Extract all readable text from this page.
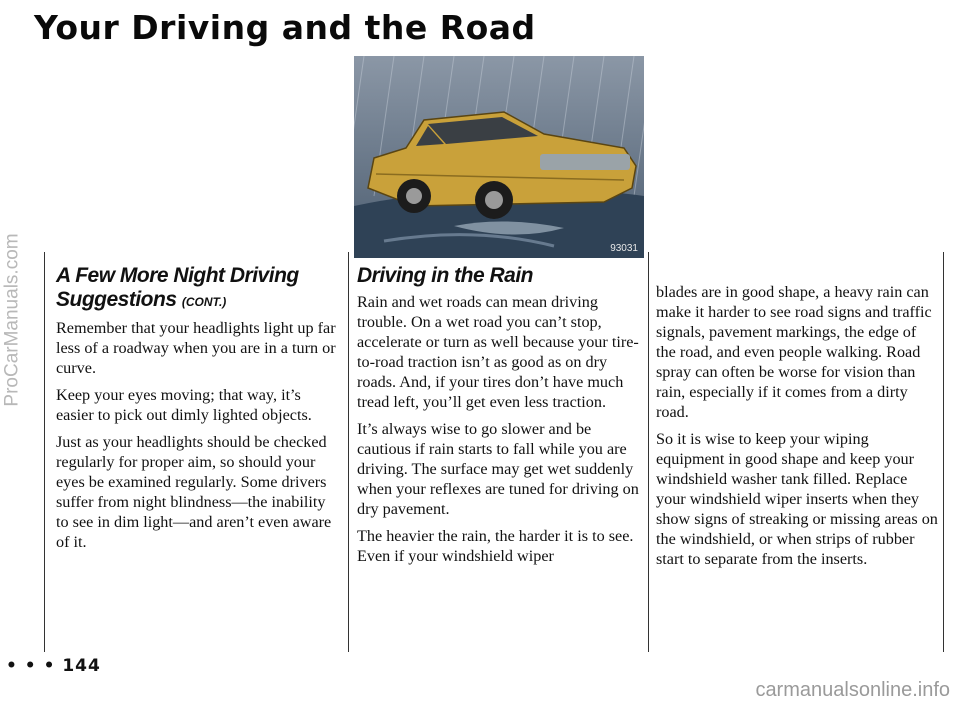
Your Driving and the Road
ProCarManuals.com	93031
A Few More Night Driving Suggestions (CONT.)

Remember that your headlights light up far less of a roadway when you are in a turn or curve.

Keep your eyes moving; that way, it’s easier to pick out dimly lighted objects.

Just as your headlights should be checked regularly for proper aim, so should your eyes be examined regularly. Some drivers suffer from night blindness—the inability to see in dim light—and aren’t even aware of it.

Driving in the Rain

Rain and wet roads can mean driving trouble. On a wet road you can’t stop, accelerate or turn as well because your tire-to-road traction isn’t as good as on dry roads. And, if your tires don’t have much tread left, you’ll get even less traction.

It’s always wise to go slower and be cautious if rain starts to fall while you are driving. The surface may get wet suddenly when your reflexes are tuned for driving on dry pavement.

The heavier the rain, the harder it is to see. Even if your windshield wiper

blades are in good shape, a heavy rain can make it harder to see road signs and traffic signals, pavement markings, the edge of the road, and even people walking. Road spray can often be worse for vision than rain, especially if it comes from a dirty road.

So it is wise to keep your wiping equipment in good shape and keep your windshield washer tank filled. Replace your windshield wiper inserts when they show signs of streaking or missing areas on the windshield, or when strips of rubber start to separate from the inserts.

• • • 144
carmanualsonline.info
